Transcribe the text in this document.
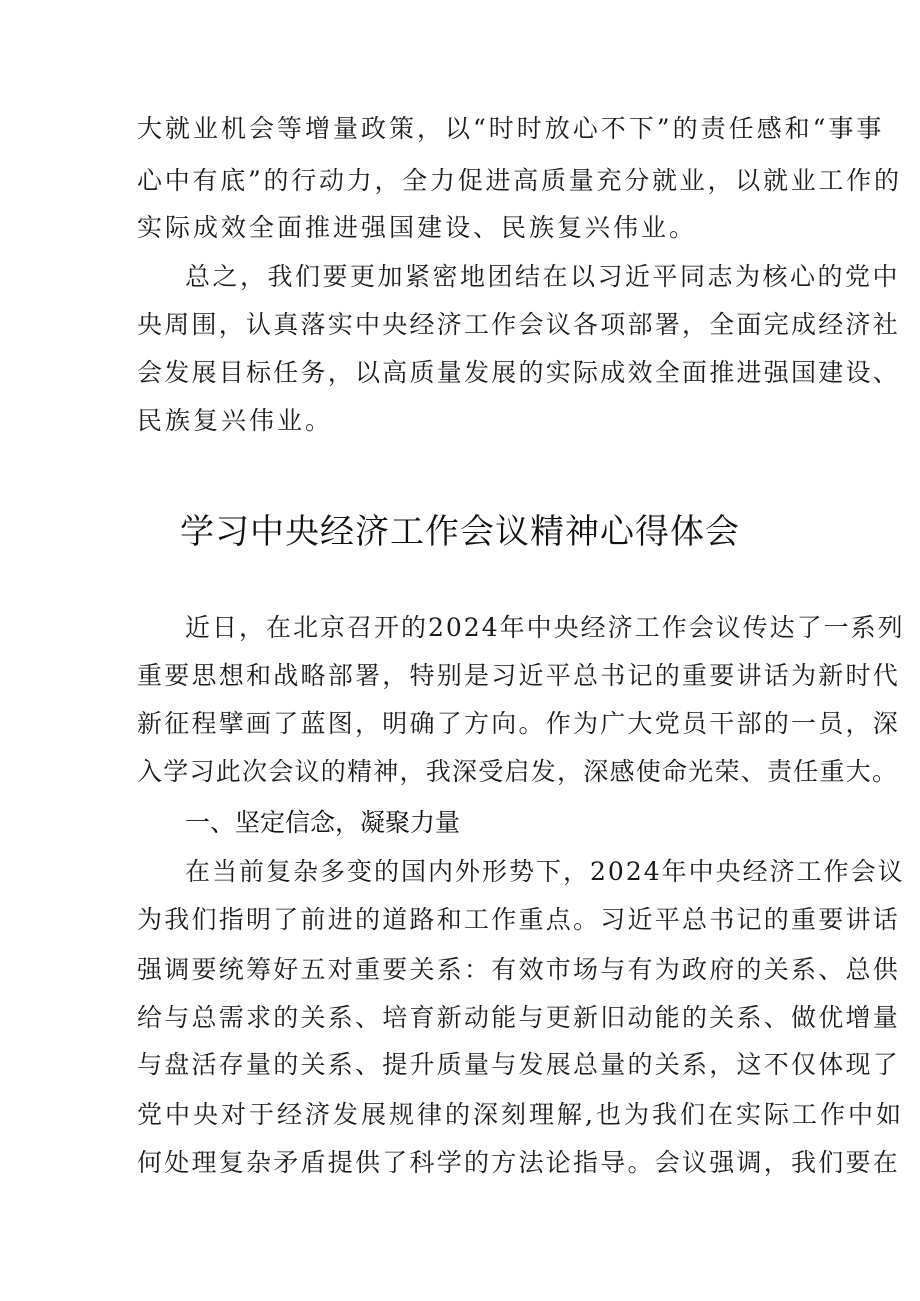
大就业机会等增量政策，以“时时放心不下”的责任感和“事事
心中有底”的行动力，全力促进高质量充分就业，以就业工作的
实际成效全面推进强国建设、民族复兴伟业。
总之，我们要更加紧密地团结在以习近平同志为核心的党中
央周围，认真落实中央经济工作会议各项部署，全面完成经济社
会发展目标任务，以高质量发展的实际成效全面推进强国建设、
民族复兴伟业。
学习中央经济工作会议精神心得体会
近日，在北京召开的2024年中央经济工作会议传达了一系列
重要思想和战略部署，特别是习近平总书记的重要讲话为新时代
新征程擘画了蓝图，明确了方向。作为广大党员干部的一员，深
入学习此次会议的精神，我深受启发，深感使命光荣、责任重大。
一、坚定信念，凝聚力量
在当前复杂多变的国内外形势下，2024年中央经济工作会议
为我们指明了前进的道路和工作重点。习近平总书记的重要讲话
强调要统筹好五对重要关系：有效市场与有为政府的关系、总供
给与总需求的关系、培育新动能与更新旧动能的关系、做优增量
与盘活存量的关系、提升质量与发展总量的关系，这不仅体现了
党中央对于经济发展规律的深刻理解,也为我们在实际工作中如
何处理复杂矛盾提供了科学的方法论指导。会议强调，我们要在
